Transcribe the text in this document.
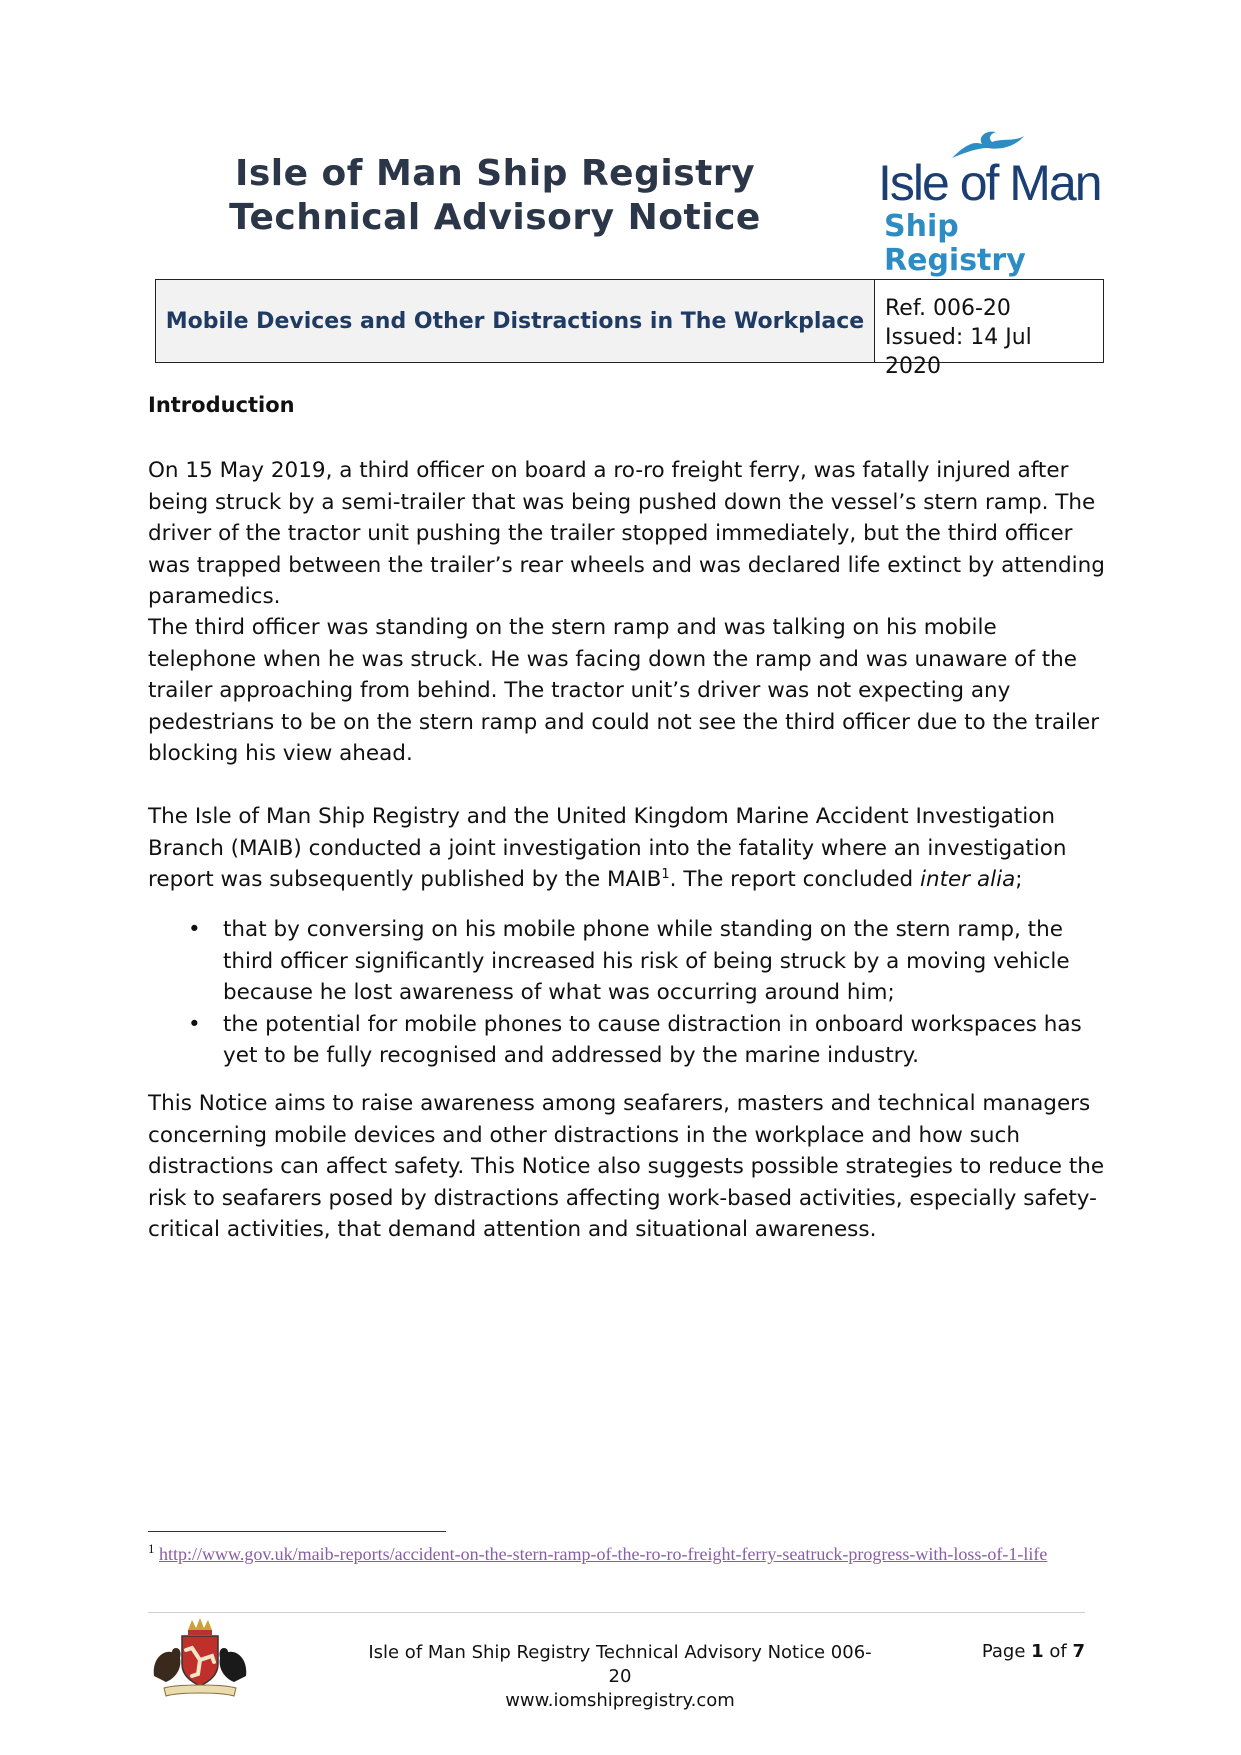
Isle of Man Ship Registry
Technical Advisory Notice
Isle of Man
Ship Registry
Mobile Devices and Other Distractions in The Workplace Ref. 006-20
Issued: 14 Jul 2020
Introduction
On 15 May 2019, a third officer on board a ro-ro freight ferry, was fatally injured after being struck by a semi-trailer that was being pushed down the vessel’s stern ramp. The driver of the tractor unit pushing the trailer stopped immediately, but the third officer was trapped between the trailer’s rear wheels and was declared life extinct by attending paramedics.
The third officer was standing on the stern ramp and was talking on his mobile telephone when he was struck. He was facing down the ramp and was unaware of the trailer approaching from behind. The tractor unit’s driver was not expecting any pedestrians to be on the stern ramp and could not see the third officer due to the trailer blocking his view ahead.
The Isle of Man Ship Registry and the United Kingdom Marine Accident Investigation Branch (MAIB) conducted a joint investigation into the fatality where an investigation report was subsequently published by the MAIB$^1$. The report concluded inter alia;
• that by conversing on his mobile phone while standing on the stern ramp, the third officer significantly increased his risk of being struck by a moving vehicle because he lost awareness of what was occurring around him;
• the potential for mobile phones to cause distraction in onboard workspaces has yet to be fully recognised and addressed by the marine industry.
This Notice aims to raise awareness among seafarers, masters and technical managers concerning mobile devices and other distractions in the workplace and how such distractions can affect safety. This Notice also suggests possible strategies to reduce the risk to seafarers posed by distractions affecting work-based activities, especially safety-critical activities, that demand attention and situational awareness.
$^1$ http://www.gov.uk/maib-reports/accident-on-the-stern-ramp-of-the-ro-ro-freight-ferry-seatruck-progress-with-loss-of-1-life
Isle of Man Ship Registry Technical Advisory Notice 006-20
www.iomshipregistry.com
Page 1 of 7
